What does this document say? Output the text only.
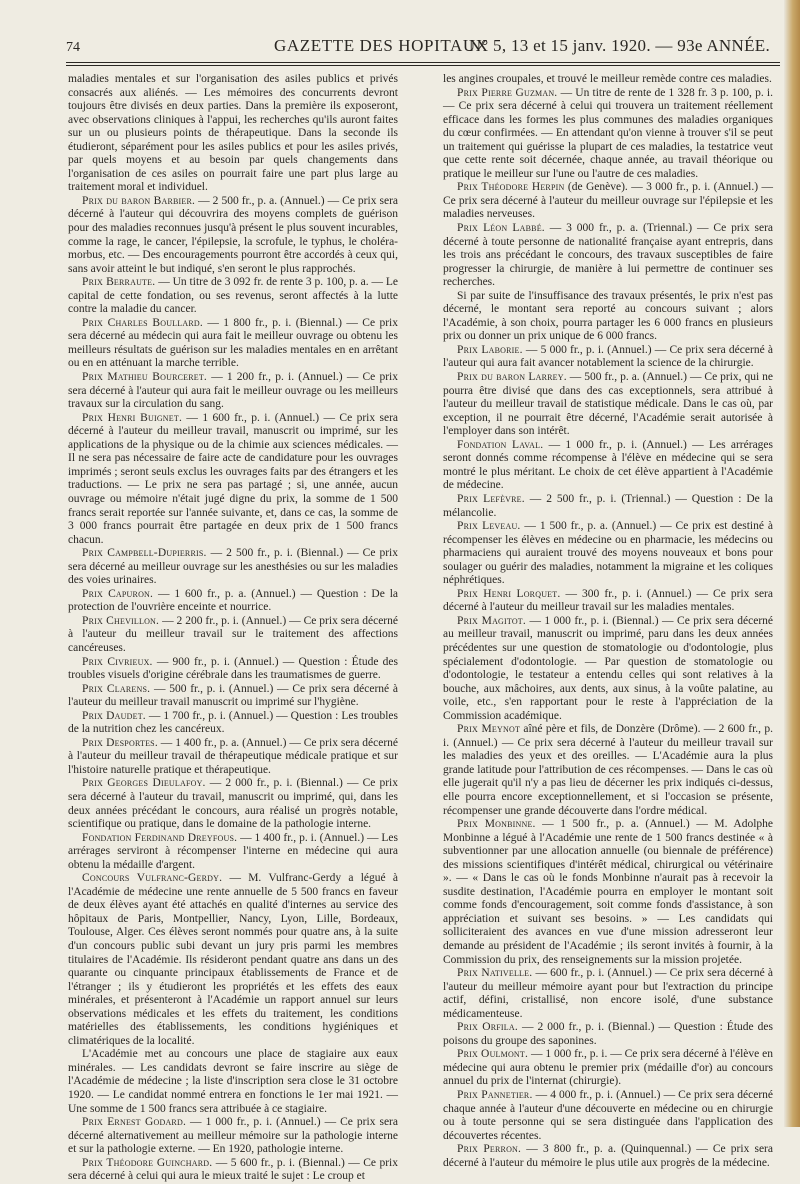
74	GAZETTE DES HOPITAUX
N° 5, 13 et 15 janv. 1920. — 93e ANNÉE.

maladies mentales et sur l'organisation des asiles publics et privés consacrés aux aliénés. — Les mémoires des concurrents devront toujours être divisés en deux parties. Dans la première ils exposeront, avec observations cliniques à l'appui, les recherches qu'ils auront faites sur un ou plusieurs points de thérapeutique. Dans la seconde ils étudieront, séparément pour les asiles publics et pour les asiles privés, par quels moyens et au besoin par quels changements dans l'organisation de ces asiles on pourrait faire une part plus large au traitement moral et individuel.

Prix du baron Barbier. — 2 500 fr., p. a. (Annuel.) — Ce prix sera décerné à l'auteur qui découvrira des moyens complets de guérison pour des maladies reconnues jusqu'à présent le plus souvent incurables, comme la rage, le cancer, l'épilepsie, la scrofule, le typhus, le choléra-morbus, etc. — Des encouragements pourront être accordés à ceux qui, sans avoir atteint le but indiqué, s'en seront le plus rapprochés.

Prix Berraute. — Un titre de 3 092 fr. de rente 3 p. 100, p. a. — Le capital de cette fondation, ou ses revenus, seront affectés à la lutte contre la maladie du cancer.

Prix Charles Boullard. — 1 800 fr., p. i. (Biennal.) — Ce prix sera décerné au médecin qui aura fait le meilleur ouvrage ou obtenu les meilleurs résultats de guérison sur les maladies mentales en en arrêtant ou en en atténuant la marche terrible.

Prix Mathieu Bourceret. — 1 200 fr., p. i. (Annuel.) — Ce prix sera décerné à l'auteur qui aura fait le meilleur ouvrage ou les meilleurs travaux sur la circulation du sang.

Prix Henri Buignet. — 1 600 fr., p. i. (Annuel.) — Ce prix sera décerné à l'auteur du meilleur travail, manuscrit ou imprimé, sur les applications de la physique ou de la chimie aux sciences médicales. — Il ne sera pas nécessaire de faire acte de candidature pour les ouvrages imprimés ; seront seuls exclus les ouvrages faits par des étrangers et les traductions. — Le prix ne sera pas partagé ; si, une année, aucun ouvrage ou mémoire n'était jugé digne du prix, la somme de 1 500 francs serait reportée sur l'année suivante, et, dans ce cas, la somme de 3 000 francs pourrait être partagée en deux prix de 1 500 francs chacun.

Prix Campbell-Dupierris. — 2 500 fr., p. i. (Biennal.) — Ce prix sera décerné au meilleur ouvrage sur les anesthésies ou sur les maladies des voies urinaires.

Prix Capuron. — 1 600 fr., p. a. (Annuel.) — Question : De la protection de l'ouvrière enceinte et nourrice.

Prix Chevillon. — 2 200 fr., p. i. (Annuel.) — Ce prix sera décerné à l'auteur du meilleur travail sur le traitement des affections cancéreuses.

Prix Civrieux. — 900 fr., p. i. (Annuel.) — Question : Étude des troubles visuels d'origine cérébrale dans les traumatismes de guerre.

Prix Clarens. — 500 fr., p. i. (Annuel.) — Ce prix sera décerné à l'auteur du meilleur travail manuscrit ou imprimé sur l'hygiène.

Prix Daudet. — 1 700 fr., p. i. (Annuel.) — Question : Les troubles de la nutrition chez les cancéreux.

Prix Desportes. — 1 400 fr., p. a. (Annuel.) — Ce prix sera décerné à l'auteur du meilleur travail de thérapeutique médicale pratique et sur l'histoire naturelle pratique et thérapeutique.

Prix Georges Dieulafoy. — 2 000 fr., p. i. (Biennal.) — Ce prix sera décerné à l'auteur du travail, manuscrit ou imprimé, qui, dans les deux années précédant le concours, aura réalisé un progrès notable, scientifique ou pratique, dans le domaine de la pathologie interne.

Fondation Ferdinand Dreyfous. — 1 400 fr., p. i. (Annuel.) — Les arrérages serviront à récompenser l'interne en médecine qui aura obtenu la médaille d'argent.

Concours Vulfranc-Gerdy. — M. Vulfranc-Gerdy a légué à l'Académie de médecine une rente annuelle de 5 500 francs en faveur de deux élèves ayant été attachés en qualité d'internes au service des hôpitaux de Paris, Montpellier, Nancy, Lyon, Lille, Bordeaux, Toulouse, Alger. Ces élèves seront nommés pour quatre ans, à la suite d'un concours public subi devant un jury pris parmi les membres titulaires de l'Académie. Ils résideront pendant quatre ans dans un des quarante ou cinquante principaux établissements de France et de l'étranger ; ils y étudieront les propriétés et les effets des eaux minérales, et présenteront à l'Académie un rapport annuel sur leurs observations médicales et les effets du traitement, les conditions matérielles des établissements, les conditions hygiéniques et climatériques de la localité.

L'Académie met au concours une place de stagiaire aux eaux minérales. — Les candidats devront se faire inscrire au siège de l'Académie de médecine ; la liste d'inscription sera close le 31 octobre 1920. — Le candidat nommé entrera en fonctions le 1er mai 1921. — Une somme de 1 500 francs sera attribuée à ce stagiaire.

Prix Ernest Godard. — 1 000 fr., p. i. (Annuel.) — Ce prix sera décerné alternativement au meilleur mémoire sur la pathologie interne et sur la pathologie externe. — En 1920, pathologie interne.

Prix Théodore Guinchard. — 5 600 fr., p. i. (Biennal.) — Ce prix sera décerné à celui qui aura le mieux traité le sujet : Le croup et

les angines croupales, et trouvé le meilleur remède contre ces maladies.

Prix Pierre Guzman. — Un titre de rente de 1 328 fr. 3 p. 100, p. i. — Ce prix sera décerné à celui qui trouvera un traitement réellement efficace dans les formes les plus communes des maladies organiques du cœur confirmées. — En attendant qu'on vienne à trouver s'il se peut un traitement qui guérisse la plupart de ces maladies, la testatrice veut que cette rente soit décernée, chaque année, au travail théorique ou pratique le meilleur sur l'une ou l'autre de ces maladies.

Prix Théodore Herpin (de Genève). — 3 000 fr., p. i. (Annuel.) — Ce prix sera décerné à l'auteur du meilleur ouvrage sur l'épilepsie et les maladies nerveuses.

Prix Léon Labbé. — 3 000 fr., p. a. (Triennal.) — Ce prix sera décerné à toute personne de nationalité française ayant entrepris, dans les trois ans précédant le concours, des travaux susceptibles de faire progresser la chirurgie, de manière à lui permettre de continuer ses recherches.

Si par suite de l'insuffisance des travaux présentés, le prix n'est pas décerné, le montant sera reporté au concours suivant ; alors l'Académie, à son choix, pourra partager les 6 000 francs en plusieurs prix ou donner un prix unique de 6 000 francs.

Prix Laborie. — 5 000 fr., p. i. (Annuel.) — Ce prix sera décerné à l'auteur qui aura fait avancer notablement la science de la chirurgie.

Prix du baron Larrey. — 500 fr., p. a. (Annuel.) — Ce prix, qui ne pourra être divisé que dans des cas exceptionnels, sera attribué à l'auteur du meilleur travail de statistique médicale. Dans le cas où, par exception, il ne pourrait être décerné, l'Académie serait autorisée à l'employer dans son intérêt.

Fondation Laval. — 1 000 fr., p. i. (Annuel.) — Les arrérages seront donnés comme récompense à l'élève en médecine qui se sera montré le plus méritant. Le choix de cet élève appartient à l'Académie de médecine.

Prix Lefèvre. — 2 500 fr., p. i. (Triennal.) — Question : De la mélancolie.

Prix Leveau. — 1 500 fr., p. a. (Annuel.) — Ce prix est destiné à récompenser les élèves en médecine ou en pharmacie, les médecins ou pharmaciens qui auraient trouvé des moyens nouveaux et bons pour soulager ou guérir des maladies, notamment la migraine et les coliques néphrétiques.

Prix Henri Lorquet. — 300 fr., p. i. (Annuel.) — Ce prix sera décerné à l'auteur du meilleur travail sur les maladies mentales.

Prix Magitot. — 1 000 fr., p. i. (Biennal.) — Ce prix sera décerné au meilleur travail, manuscrit ou imprimé, paru dans les deux années précédentes sur une question de stomatologie ou d'odontologie, plus spécialement d'odontologie. — Par question de stomatologie ou d'odontologie, le testateur a entendu celles qui sont relatives à la bouche, aux mâchoires, aux dents, aux sinus, à la voûte palatine, au voile, etc., s'en rapportant pour le reste à l'appréciation de la Commission académique.

Prix Meynot aîné père et fils, de Donzère (Drôme). — 2 600 fr., p. i. (Annuel.) — Ce prix sera décerné à l'auteur du meilleur travail sur les maladies des yeux et des oreilles. — L'Académie aura la plus grande latitude pour l'attribution de ces récompenses. — Dans le cas où elle jugerait qu'il n'y a pas lieu de décerner les prix indiqués ci-dessus, elle pourra encore exceptionnellement, et si l'occasion se présente, récompenser une grande découverte dans l'ordre médical.

Prix Monbinne. — 1 500 fr., p. a. (Annuel.) — M. Adolphe Monbinne a légué à l'Académie une rente de 1 500 francs destinée « à subventionner par une allocation annuelle (ou biennale de préférence) des missions scientifiques d'intérêt médical, chirurgical ou vétérinaire ». — « Dans le cas où le fonds Monbinne n'aurait pas à recevoir la susdite destination, l'Académie pourra en employer le montant soit comme fonds d'encouragement, soit comme fonds d'assistance, à son appréciation et suivant ses besoins. » — Les candidats qui solliciteraient des avances en vue d'une mission adresseront leur demande au président de l'Académie ; ils seront invités à fournir, à la Commission du prix, des renseignements sur la mission projetée.

Prix Nativelle. — 600 fr., p. i. (Annuel.) — Ce prix sera décerné à l'auteur du meilleur mémoire ayant pour but l'extraction du principe actif, défini, cristallisé, non encore isolé, d'une substance médicamenteuse.

Prix Orfila. — 2 000 fr., p. i. (Biennal.) — Question : Étude des poisons du groupe des saponines.

Prix Oulmont. — 1 000 fr., p. i. — Ce prix sera décerné à l'élève en médecine qui aura obtenu le premier prix (médaille d'or) au concours annuel du prix de l'internat (chirurgie).

Prix Pannetier. — 4 000 fr., p. i. (Annuel.) — Ce prix sera décerné chaque année à l'auteur d'une découverte en médecine ou en chirurgie ou à toute personne qui se sera distinguée dans l'application des découvertes récentes.

Prix Perron. — 3 800 fr., p. a. (Quinquennal.) — Ce prix sera décerné à l'auteur du mémoire le plus utile aux progrès de la médecine.
